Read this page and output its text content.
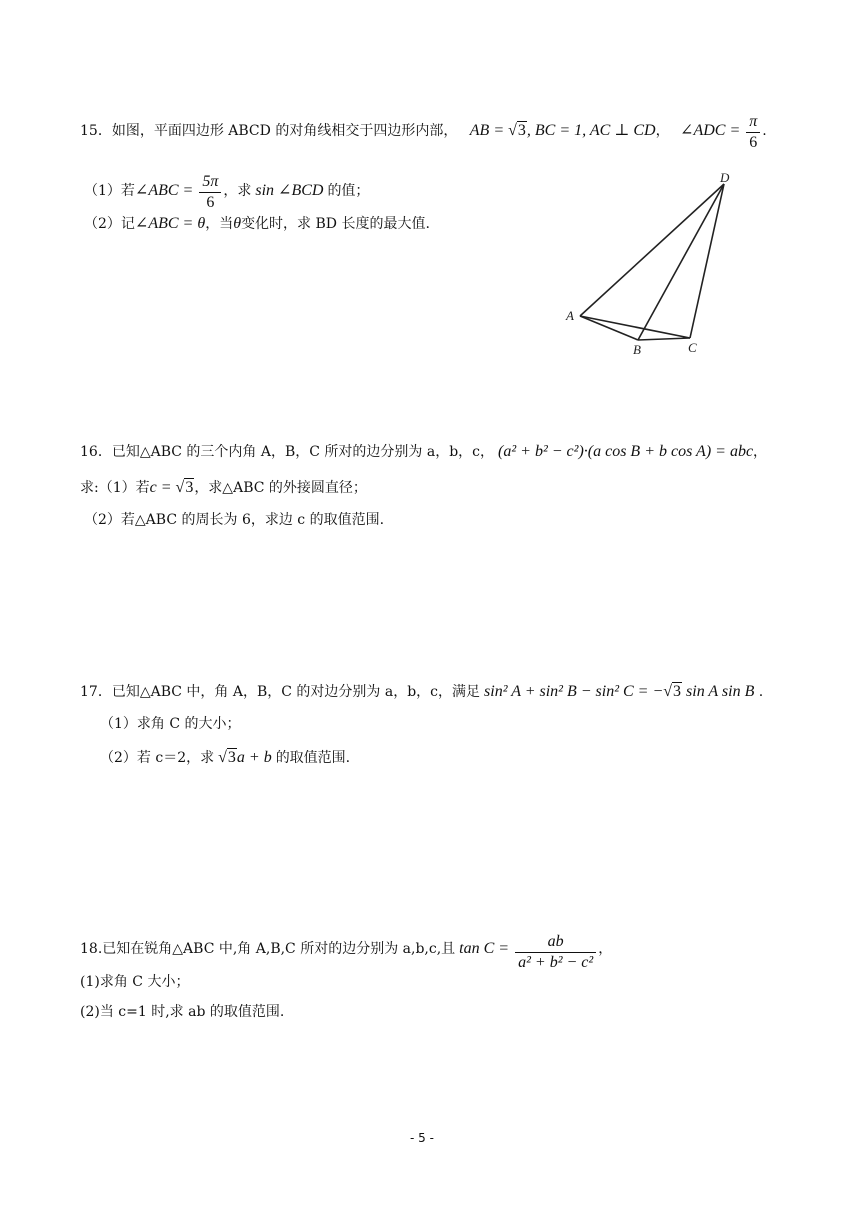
15．如图，平面四边形 ABCD 的对角线相交于四边形内部， AB = √3, BC = 1, AC ⊥ CD， ∠ADC = $\frac{\pi}{6}$ .
（1）若∠ABC = $\frac{5\pi}{6}$ ，求 sin ∠BCD 的值；
（2）记∠ABC = θ，当θ变化时，求 BD 长度的最大值.
D
A
B	C
16．已知△ABC 的三个内角 A，B，C 所对的边分别为 a，b，c， (a² + b² − c²)·(a cos B + b cos A) = abc，
求:（1）若c = √3，求△ABC 的外接圆直径；
（2）若△ABC 的周长为 6，求边 c 的取值范围.
17．已知△ABC 中，角 A，B，C 的对边分别为 a，b，c，满足 sin² A + sin² B − sin² C = −√3 sin A sin B .
（1）求角 C 的大小；
（2）若 c＝2，求 √3a + b 的取值范围.
18.已知在锐角△ABC 中,角 A,B,C 所对的边分别为 a,b,c,且 $\tan C = \frac{ab}{\text{a² + b² − c²}}$ ，
(1)求角 C 大小；
(2)当 c=1 时,求 ab 的取值范围.
- 5 -
